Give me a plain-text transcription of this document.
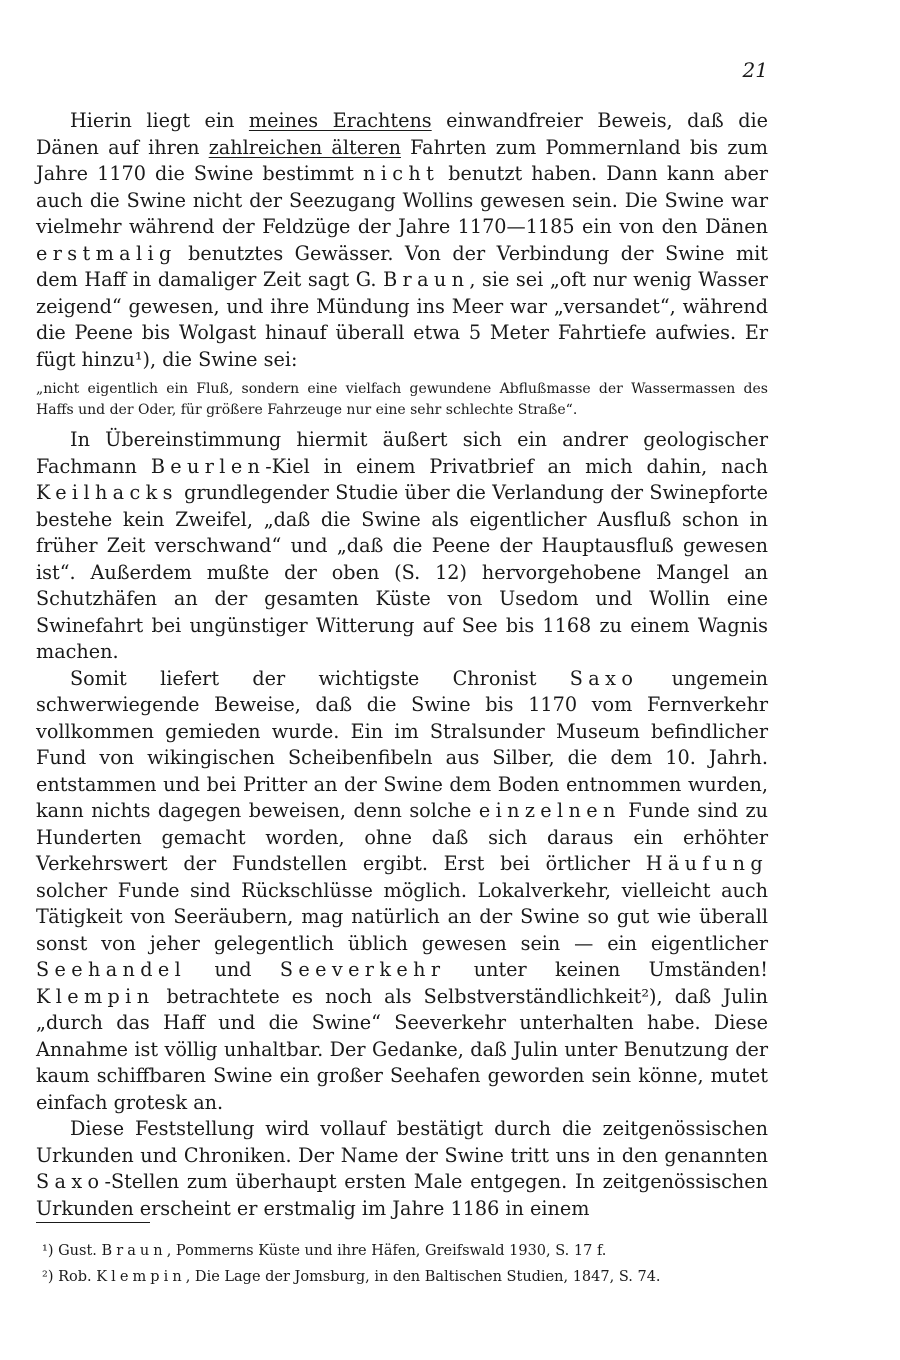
21

Hierin liegt ein meines Erachtens einwandfreier Beweis, daß die Dänen auf ihren zahlreichen älteren Fahrten zum Pommernland bis zum Jahre 1170 die Swine bestimmt nicht benutzt haben. Dann kann aber auch die Swine nicht der Seezugang Wollins gewesen sein. Die Swine war vielmehr während der Feldzüge der Jahre 1170—1185 ein von den Dänen erstmalig benutztes Gewässer. Von der Verbindung der Swine mit dem Haff in damaliger Zeit sagt G. Braun, sie sei „oft nur wenig Wasser zeigend“ gewesen, und ihre Mündung ins Meer war „versandet“, während die Peene bis Wolgast hinauf überall etwa 5 Meter Fahrtiefe aufwies. Er fügt hinzu¹), die Swine sei:

„nicht eigentlich ein Fluß, sondern eine vielfach gewundene Abflußmasse der Wassermassen des Haffs und der Oder, für größere Fahrzeuge nur eine sehr schlechte Straße“.

In Übereinstimmung hiermit äußert sich ein andrer geologischer Fachmann Beurlen-Kiel in einem Privatbrief an mich dahin, nach Keilhacks grundlegender Studie über die Verlandung der Swinepforte bestehe kein Zweifel, „daß die Swine als eigentlicher Ausfluß schon in früher Zeit verschwand“ und „daß die Peene der Hauptausfluß gewesen ist“. Außerdem mußte der oben (S. 12) hervorgehobene Mangel an Schutzhäfen an der gesamten Küste von Usedom und Wollin eine Swinefahrt bei ungünstiger Witterung auf See bis 1168 zu einem Wagnis machen.

Somit liefert der wichtigste Chronist Saxo ungemein schwerwiegende Beweise, daß die Swine bis 1170 vom Fernverkehr vollkommen gemieden wurde. Ein im Stralsunder Museum befindlicher Fund von wikingischen Scheibenfibeln aus Silber, die dem 10. Jahrh. entstammen und bei Pritter an der Swine dem Boden entnommen wurden, kann nichts dagegen beweisen, denn solche einzelnen Funde sind zu Hunderten gemacht worden, ohne daß sich daraus ein erhöhter Verkehrswert der Fundstellen ergibt. Erst bei örtlicher Häufung solcher Funde sind Rückschlüsse möglich. Lokalverkehr, vielleicht auch Tätigkeit von Seeräubern, mag natürlich an der Swine so gut wie überall sonst von jeher gelegentlich üblich gewesen sein — ein eigentlicher Seehandel und Seeverkehr unter keinen Umständen! Klempin betrachtete es noch als Selbstverständlichkeit²), daß Julin „durch das Haff und die Swine“ Seeverkehr unterhalten habe. Diese Annahme ist völlig unhaltbar. Der Gedanke, daß Julin unter Benutzung der kaum schiffbaren Swine ein großer Seehafen geworden sein könne, mutet einfach grotesk an.

Diese Feststellung wird vollauf bestätigt durch die zeitgenössischen Urkunden und Chroniken. Der Name der Swine tritt uns in den genannten Saxo-Stellen zum überhaupt ersten Male entgegen. In zeitgenössischen Urkunden erscheint er erstmalig im Jahre 1186 in einem

¹) Gust. Braun, Pommerns Küste und ihre Häfen, Greifswald 1930, S. 17 f.

²) Rob. Klempin, Die Lage der Jomsburg, in den Baltischen Studien, 1847, S. 74.
